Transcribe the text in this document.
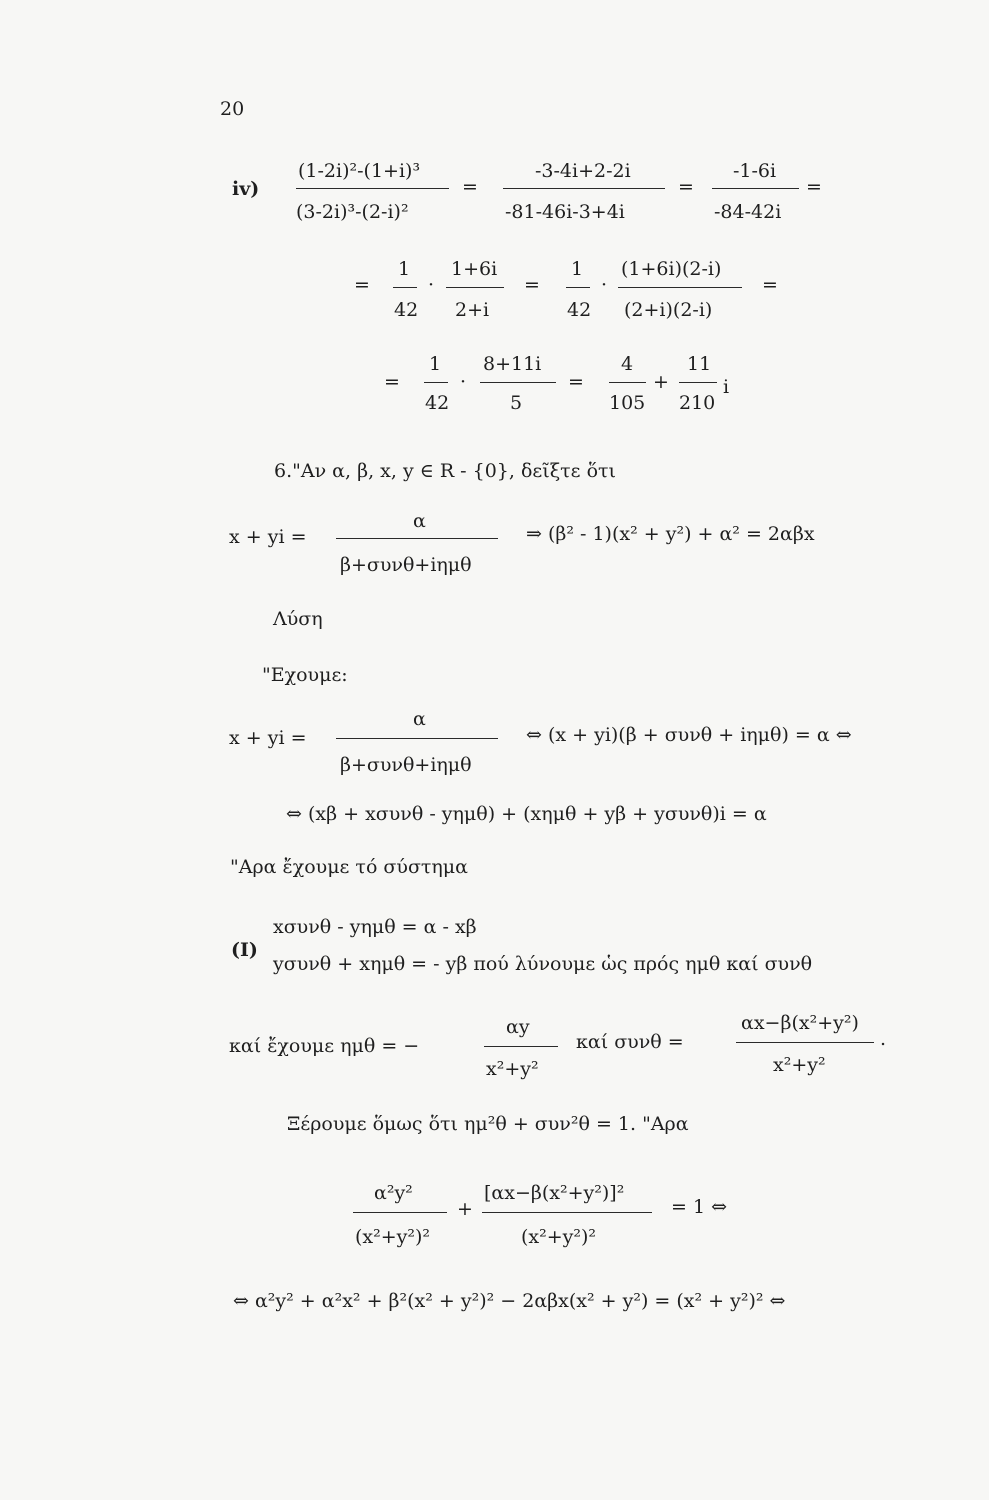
20
iv)
(1-2i)²-(1+i)³
(3-2i)³-(2-i)²
=
-3-4i+2-2i
-81-46i-3+4i
=
-1-6i
-84-42i
=
=
1
42
·
1+6i
2+i
=
1
42
·
(1+6i)(2-i)
(2+i)(2-i)
=
=
1
42
·
8+11i
5
=
4
105
+
11
210
i
6."Αν α, β, x, y ∈ R - {0}, δεῖξτε ὅτι
x + yi =
α
β+συνθ+iημθ
⇒ (β² - 1)(x² + y²) + α² = 2αβx
Λύση
"Εχουμε:
x + yi =
α
β+συνθ+iημθ
⇔ (x + yi)(β + συνθ + iημθ) = α ⇔
⇔ (xβ + xσυνθ - yημθ) + (xημθ + yβ + yσυνθ)i = α
"Αρα ἔχουμε τό σύστημα
(I)
xσυνθ - yημθ = α - xβ
yσυνθ + xημθ = - yβ πού λύνουμε ὡς πρός ημθ καί συνθ
καί ἔχουμε ημθ = −
αy
x²+y²
καί συνθ =
αx−β(x²+y²)
x²+y²
.
Ξέρουμε ὅμως ὅτι ημ²θ + συν²θ = 1. "Αρα
α²y²
(x²+y²)²
+
[αx−β(x²+y²)]²
(x²+y²)²
= 1 ⇔
⇔ α²y² + α²x² + β²(x² + y²)² − 2αβx(x² + y²) = (x² + y²)² ⇔
